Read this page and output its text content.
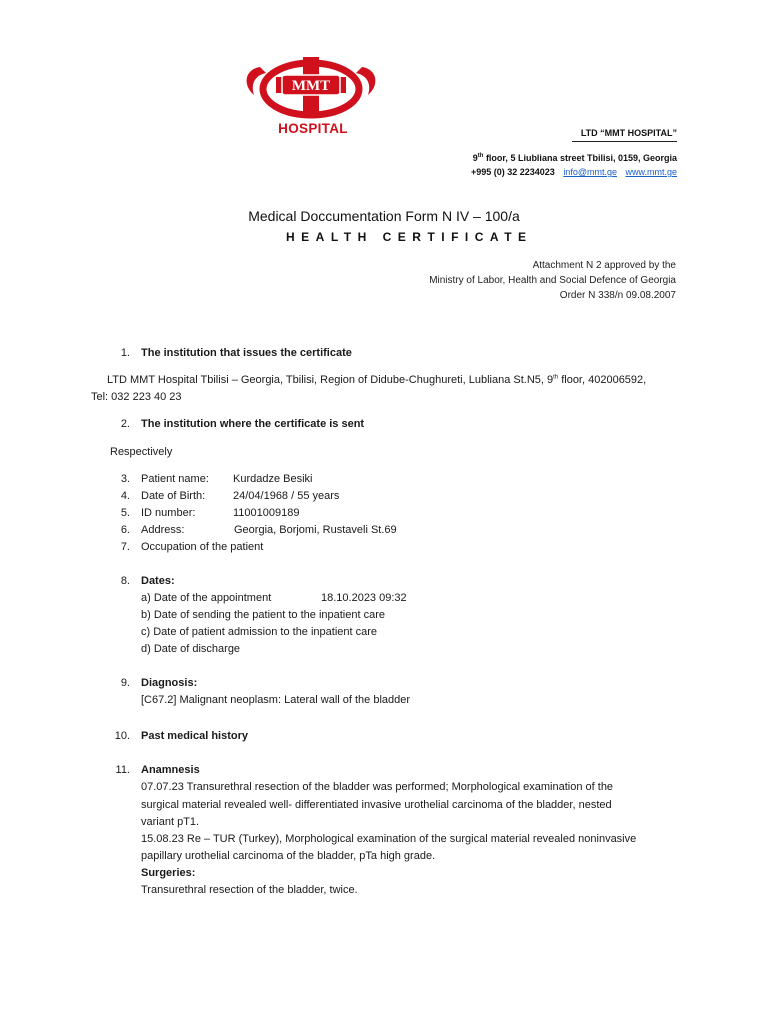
MMT
HOSPITAL	LTD “MMT HOSPITAL”
9th floor, 5 Liubliana street Tbilisi, 0159, Georgia
+995 (0) 32 2234023 info@mmt.ge www.mmt.ge
Medical Doccumentation Form N IV – 100/a
HEALTH CERTIFICATE
Attachment N 2 approved by the
Ministry of Labor, Health and Social Defence of Georgia
Order N 338/n 09.08.2007
1. The institution that issues the certificate
LTD MMT Hospital Tbilisi – Georgia, Tbilisi, Region of Didube-Chughureti, Lubliana St.N5, 9th floor, 402006592,
Tel: 032 223 40 23
2. The institution where the certificate is sent
Respectively
3. Patient name: Kurdadze Besiki
4. Date of Birth:	24/04/1968 / 55 years
5. ID number:	11001009189
6. Address:	Georgia, Borjomi, Rustaveli St.69
7. Occupation of the patient
8. Dates:
a) Date of the appointment	18.10.2023 09:32
b) Date of sending the patient to the inpatient care
c) Date of patient admission to the inpatient care
d) Date of discharge
9. Diagnosis:
[C67.2] Malignant neoplasm: Lateral wall of the bladder
10. Past medical history
11. Anamnesis
07.07.23 Transurethral resection of the bladder was performed; Morphological examination of the
surgical material revealed well- differentiated invasive urothelial carcinoma of the bladder, nested
variant pT1.
15.08.23 Re – TUR (Turkey), Morphological examination of the surgical material revealed noninvasive
papillary urothelial carcinoma of the bladder, pTa high grade.
Surgeries:
Transurethral resection of the bladder, twice.
